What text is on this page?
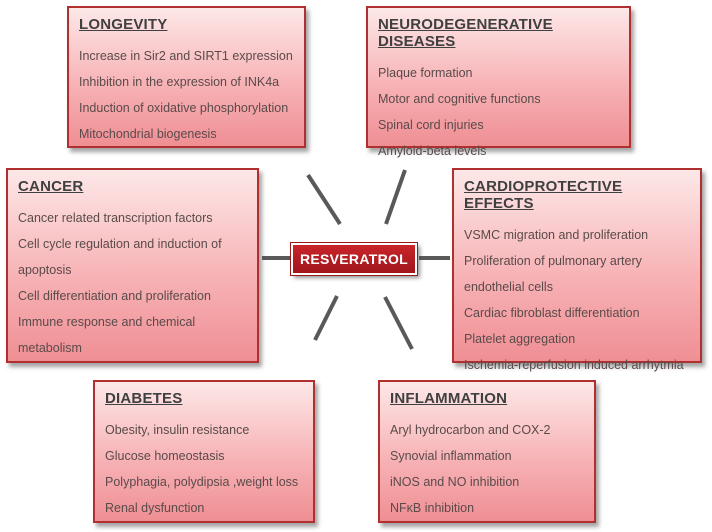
LONGEVITY
Increase in Sir2 and SIRT1 expression
Inhibition in the expression of INK4a
Induction of oxidative phosphorylation
Mitochondrial biogenesis
NEURODEGENERATIVE DISEASES
Plaque formation
Motor and cognitive functions
Spinal cord injuries
Amyloid-beta levels
CANCER
Cancer related transcription factors
Cell cycle regulation and induction of apoptosis
Cell differentiation and proliferation
Immune response and chemical metabolism
CARDIOPROTECTIVE EFFECTS
VSMC migration and proliferation
Proliferation of pulmonary artery endothelial cells
Cardiac fibroblast differentiation
Platelet aggregation
Ischemia-reperfusion induced arrhytmia
DIABETES
Obesity, insulin resistance
Glucose homeostasis
Polyphagia, polydipsia ,weight loss
Renal dysfunction
INFLAMMATION
Aryl hydrocarbon and COX-2
Synovial inflammation
iNOS and NO inhibition
NFκB inhibition
RESVERATROL
